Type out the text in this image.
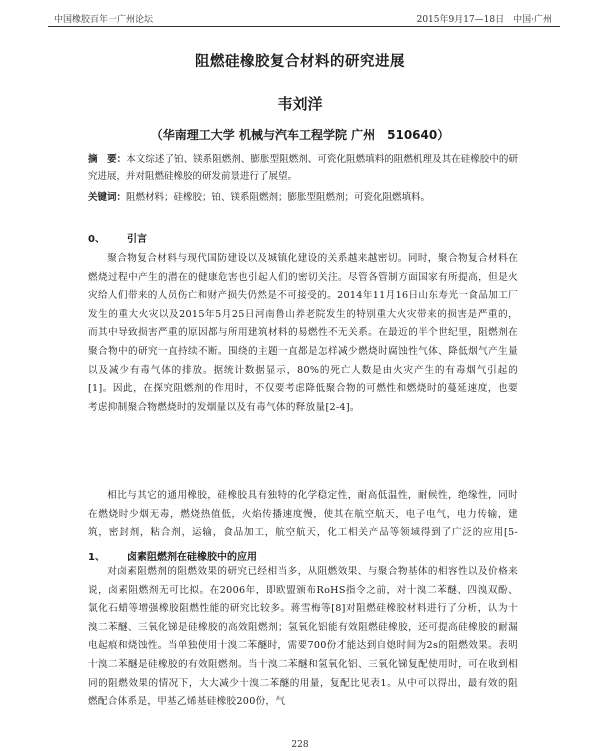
中国橡胶百年一广州论坛	2015年9月17—18日　中国·广州
阻燃硅橡胶复合材料的研究进展
韦刘洋
（华南理工大学 机械与汽车工程学院 广州　510640）
摘　要：本文综述了铂、镁系阻燃剂、膨胀型阻燃剂、可瓷化阻燃填料的阻燃机理及其在硅橡胶中的研究进展，并对阻燃硅橡胶的研发前景进行了展望。
关键词：阻燃材料；硅橡胶；铂、镁系阻燃剂；膨胀型阻燃剂；可瓷化阻燃填料。
0、 引言
聚合物复合材料与现代国防建设以及城镇化建设的关系越来越密切。同时，聚合物复合材料在燃烧过程中产生的潜在的健康危害也引起人们的密切关注。尽管各管制方面国家有所提高，但是火灾给人们带来的人员伤亡和财产损失仍然是不可接受的。2014年11月16日山东寿光一食品加工厂发生的重大火灾以及2015年5月25日河南鲁山养老院发生的特别重大火灾带来的损害是严重的，而其中导致损害严重的原因都与所用建筑材料的易燃性不无关系。在最近的半个世纪里，阻燃剂在聚合物中的研究一直持续不断。围绕的主题一直都是怎样减少燃烧时腐蚀性气体、降低烟气产生量以及减少有毒气体的排放。据统计数据显示，80%的死亡人数是由火灾产生的有毒烟气引起的[1]。因此，在探究阻燃剂的作用时，不仅要考虑降低聚合物的可燃性和燃烧时的蔓延速度，也要考虑抑制聚合物燃烧时的发烟量以及有毒气体的释放量[2-4]。
相比与其它的通用橡胶，硅橡胶具有独特的化学稳定性，耐高低温性，耐候性，绝缘性，同时在燃烧时少烟无毒，燃烧热值低，火焰传播速度慢，使其在航空航天，电子电气，电力传输，建筑，密封剂，粘合剂，运输，食品加工，航空航天，化工相关产品等领域得到了广泛的应用[5-
1、 卤素阻燃剂在硅橡胶中的应用
对卤素阻燃剂的阻燃效果的研究已经相当多，从阻燃效果、与聚合物基体的相容性以及价格来说，卤素阻燃剂无可比拟。在2006年，即欧盟颁布RoHS指令之前，对十溴二苯醚、四溴双酚、氯化石蜡等增强橡胶阻燃性能的研究比较多。蒋雪梅等[8]对阻燃硅橡胶材料进行了分析，认为十溴二苯醚、三氧化锑是硅橡胶的高效阻燃剂；氢氧化铝能有效阻燃硅橡胶，还可提高硅橡胶的耐漏电起痕和烧蚀性。当单独使用十溴二苯醚时，需要700份才能达到自熄时间为2s的阻燃效果。表明十溴二苯醚是硅橡胶的有效阻燃剂。当十溴二苯醚和氢氧化铝、三氧化锑复配使用时，可在收到相同的阻燃效果的情况下，大大减少十溴二苯醚的用量，复配比见表1。从中可以得出，最有效的阻燃配合体系是，甲基乙烯基硅橡胶200份，气
228
